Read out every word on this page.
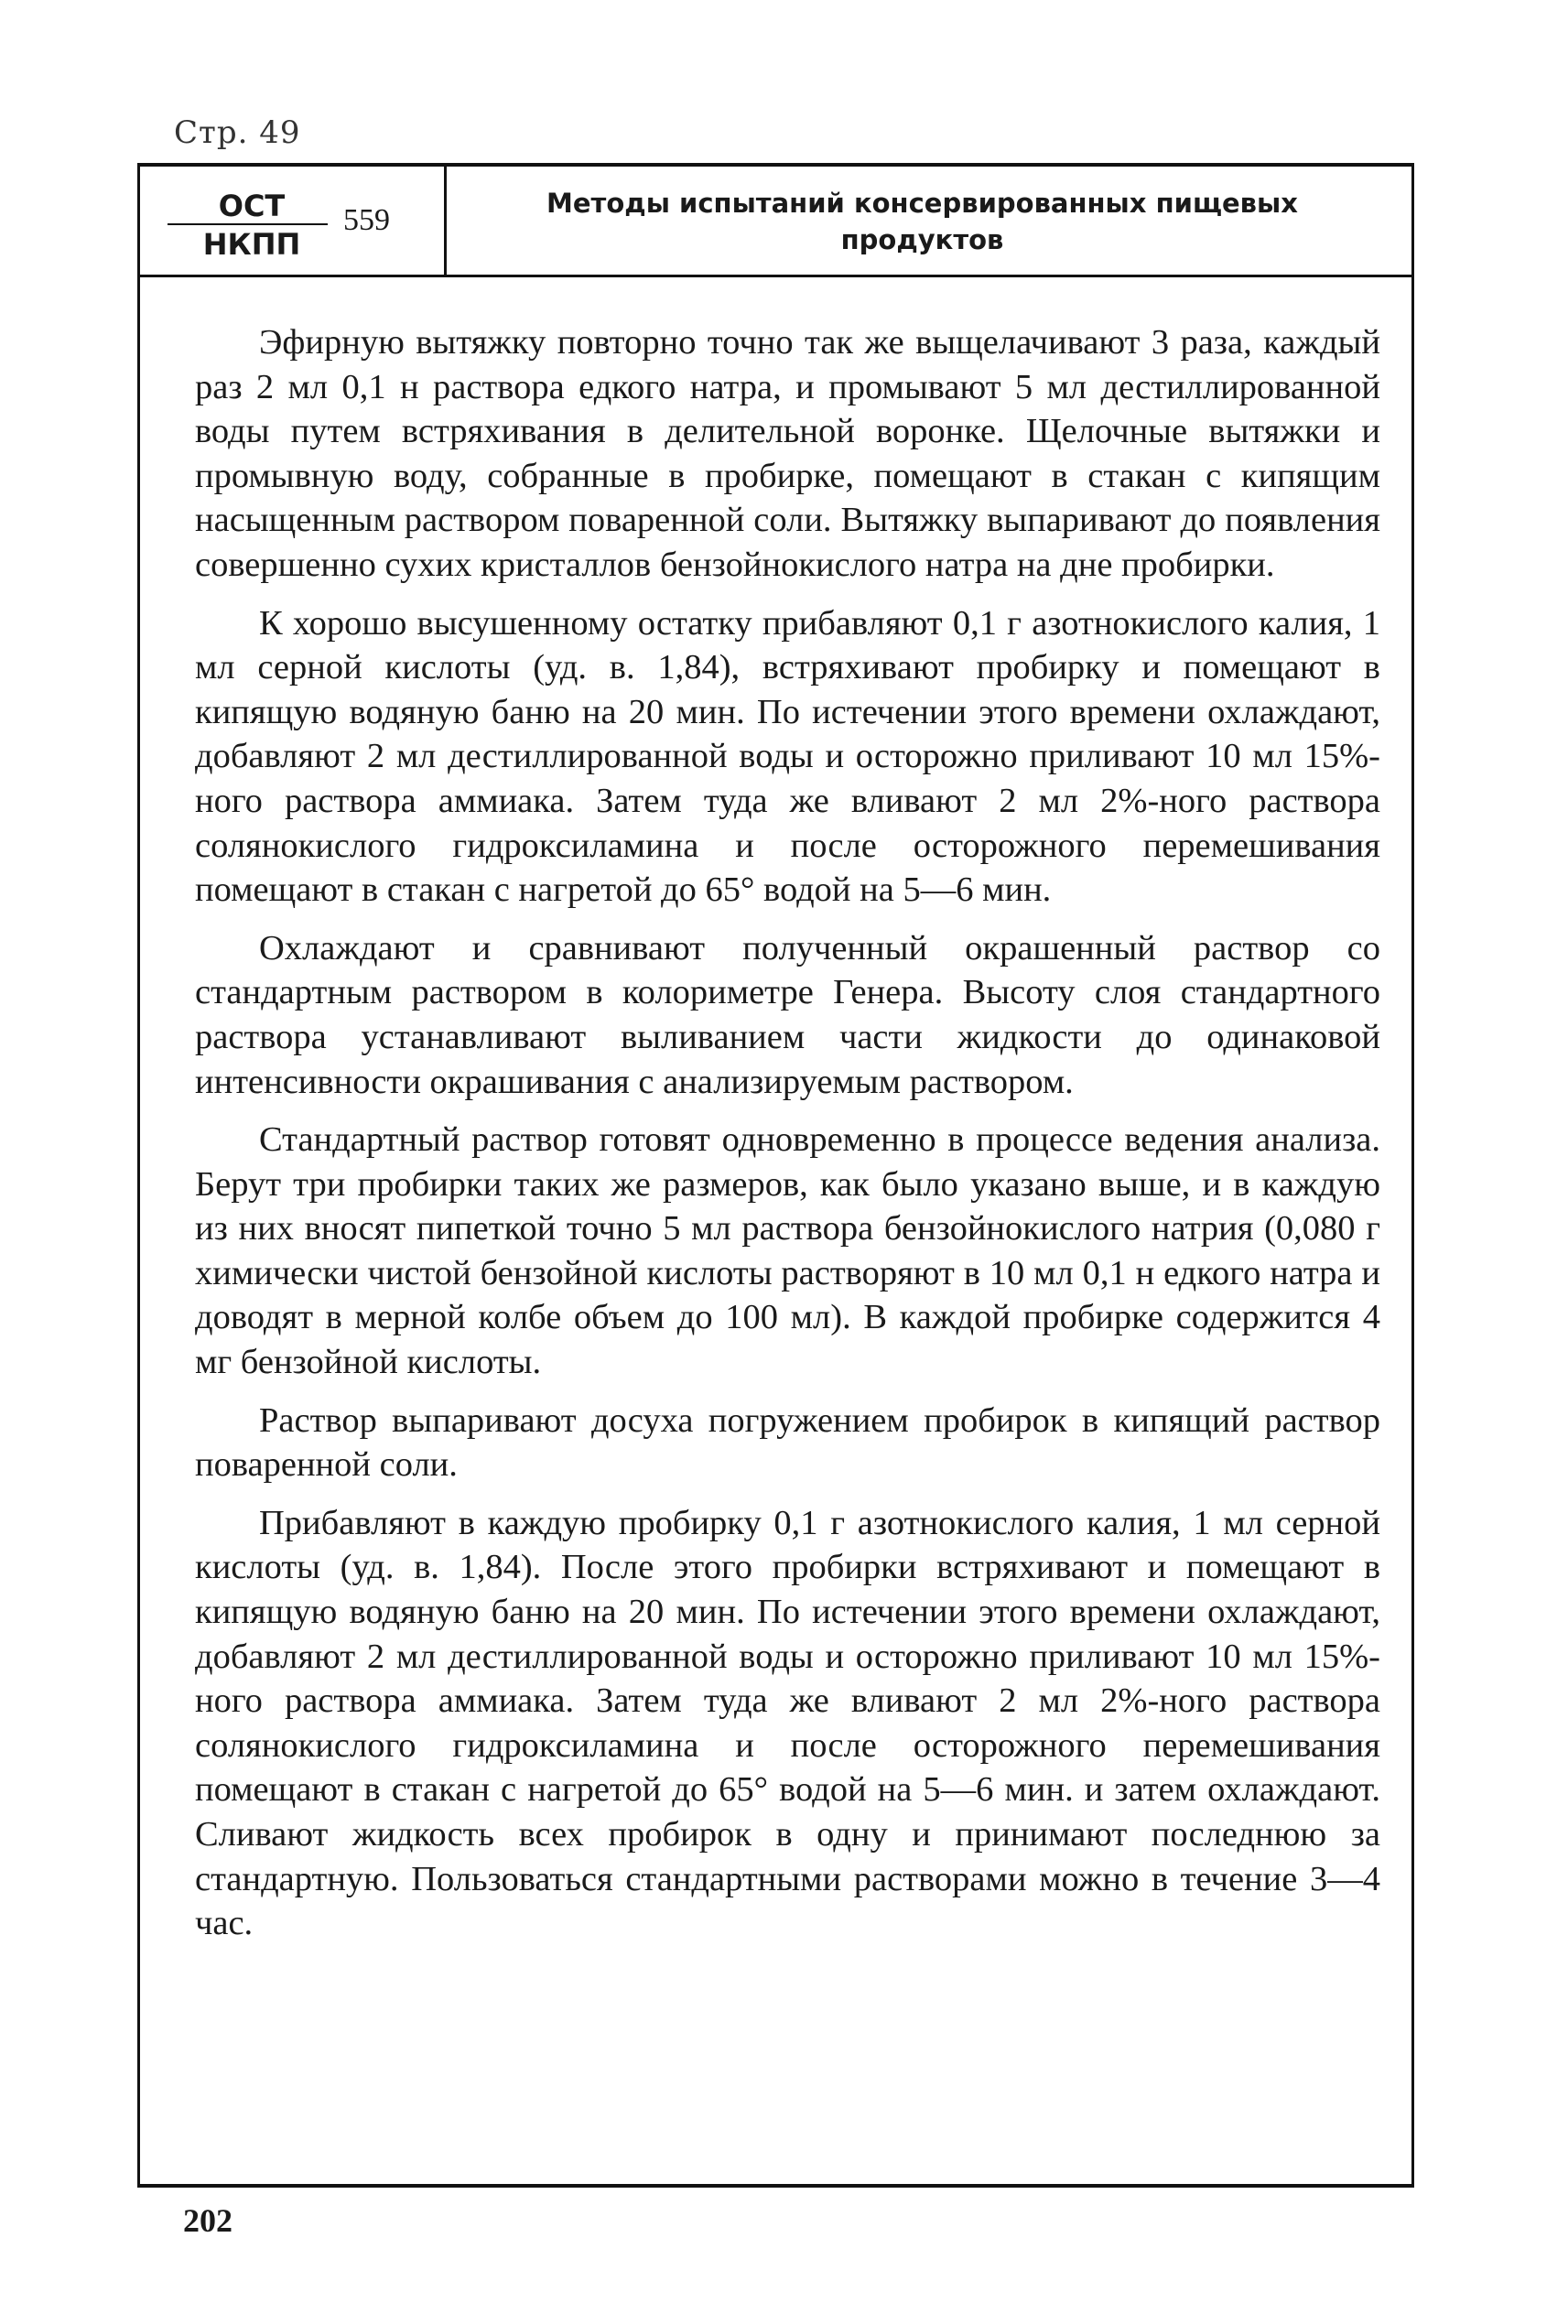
Стр. 49
ОСТ
НКПП
559	Методы испытаний консервированных пищевых
продуктов

Эфирную вытяжку повторно точно так же выщелачивают 3 раза, каждый раз 2 мл 0,1 н раствора едкого натра, и промывают 5 мл дестиллированной воды путем встряхивания в делительной воронке. Щелочные вытяжки и промывную воду, собранные в пробирке, помещают в стакан с кипящим насыщенным раствором поваренной соли. Вытяжку выпаривают до появления совершенно сухих кристаллов бензойнокислого натра на дне пробирки.

К хорошо высушенному остатку прибавляют 0,1 г азотнокислого калия, 1 мл серной кислоты (уд. в. 1,84), встряхивают пробирку и помещают в кипящую водяную баню на 20 мин. По истечении этого времени охлаждают, добавляют 2 мл дестиллированной воды и осторожно приливают 10 мл 15%-ного раствора аммиака. Затем туда же вливают 2 мл 2%-ного раствора солянокислого гидроксиламина и после осторожного перемешивания помещают в стакан с нагретой до 65° водой на 5—6 мин.

Охлаждают и сравнивают полученный окрашенный раствор со стандартным раствором в колориметре Генера. Высоту слоя стандартного раствора устанавливают выливанием части жидкости до одинаковой интенсивности окрашивания с анализируемым раствором.

Стандартный раствор готовят одновременно в процессе ведения анализа. Берут три пробирки таких же размеров, как было указано выше, и в каждую из них вносят пипеткой точно 5 мл раствора бензойнокислого натрия (0,080 г химически чистой бензойной кислоты растворяют в 10 мл 0,1 н едкого натра и доводят в мерной колбе объем до 100 мл). В каждой пробирке содержится 4 мг бензойной кислоты.

Раствор выпаривают досуха погружением пробирок в кипящий раствор поваренной соли.

Прибавляют в каждую пробирку 0,1 г азотнокислого калия, 1 мл серной кислоты (уд. в. 1,84). После этого пробирки встряхивают и помещают в кипящую водяную баню на 20 мин. По истечении этого времени охлаждают, добавляют 2 мл дестиллированной воды и осторожно приливают 10 мл 15%-ного раствора аммиака. Затем туда же вливают 2 мл 2%-ного раствора солянокислого гидроксиламина и после осторожного перемешивания помещают в стакан с нагретой до 65° водой на 5—6 мин. и затем охлаждают. Сливают жидкость всех пробирок в одну и принимают последнюю за стандартную. Пользоваться стандартными растворами можно в течение 3—4 час.

202
